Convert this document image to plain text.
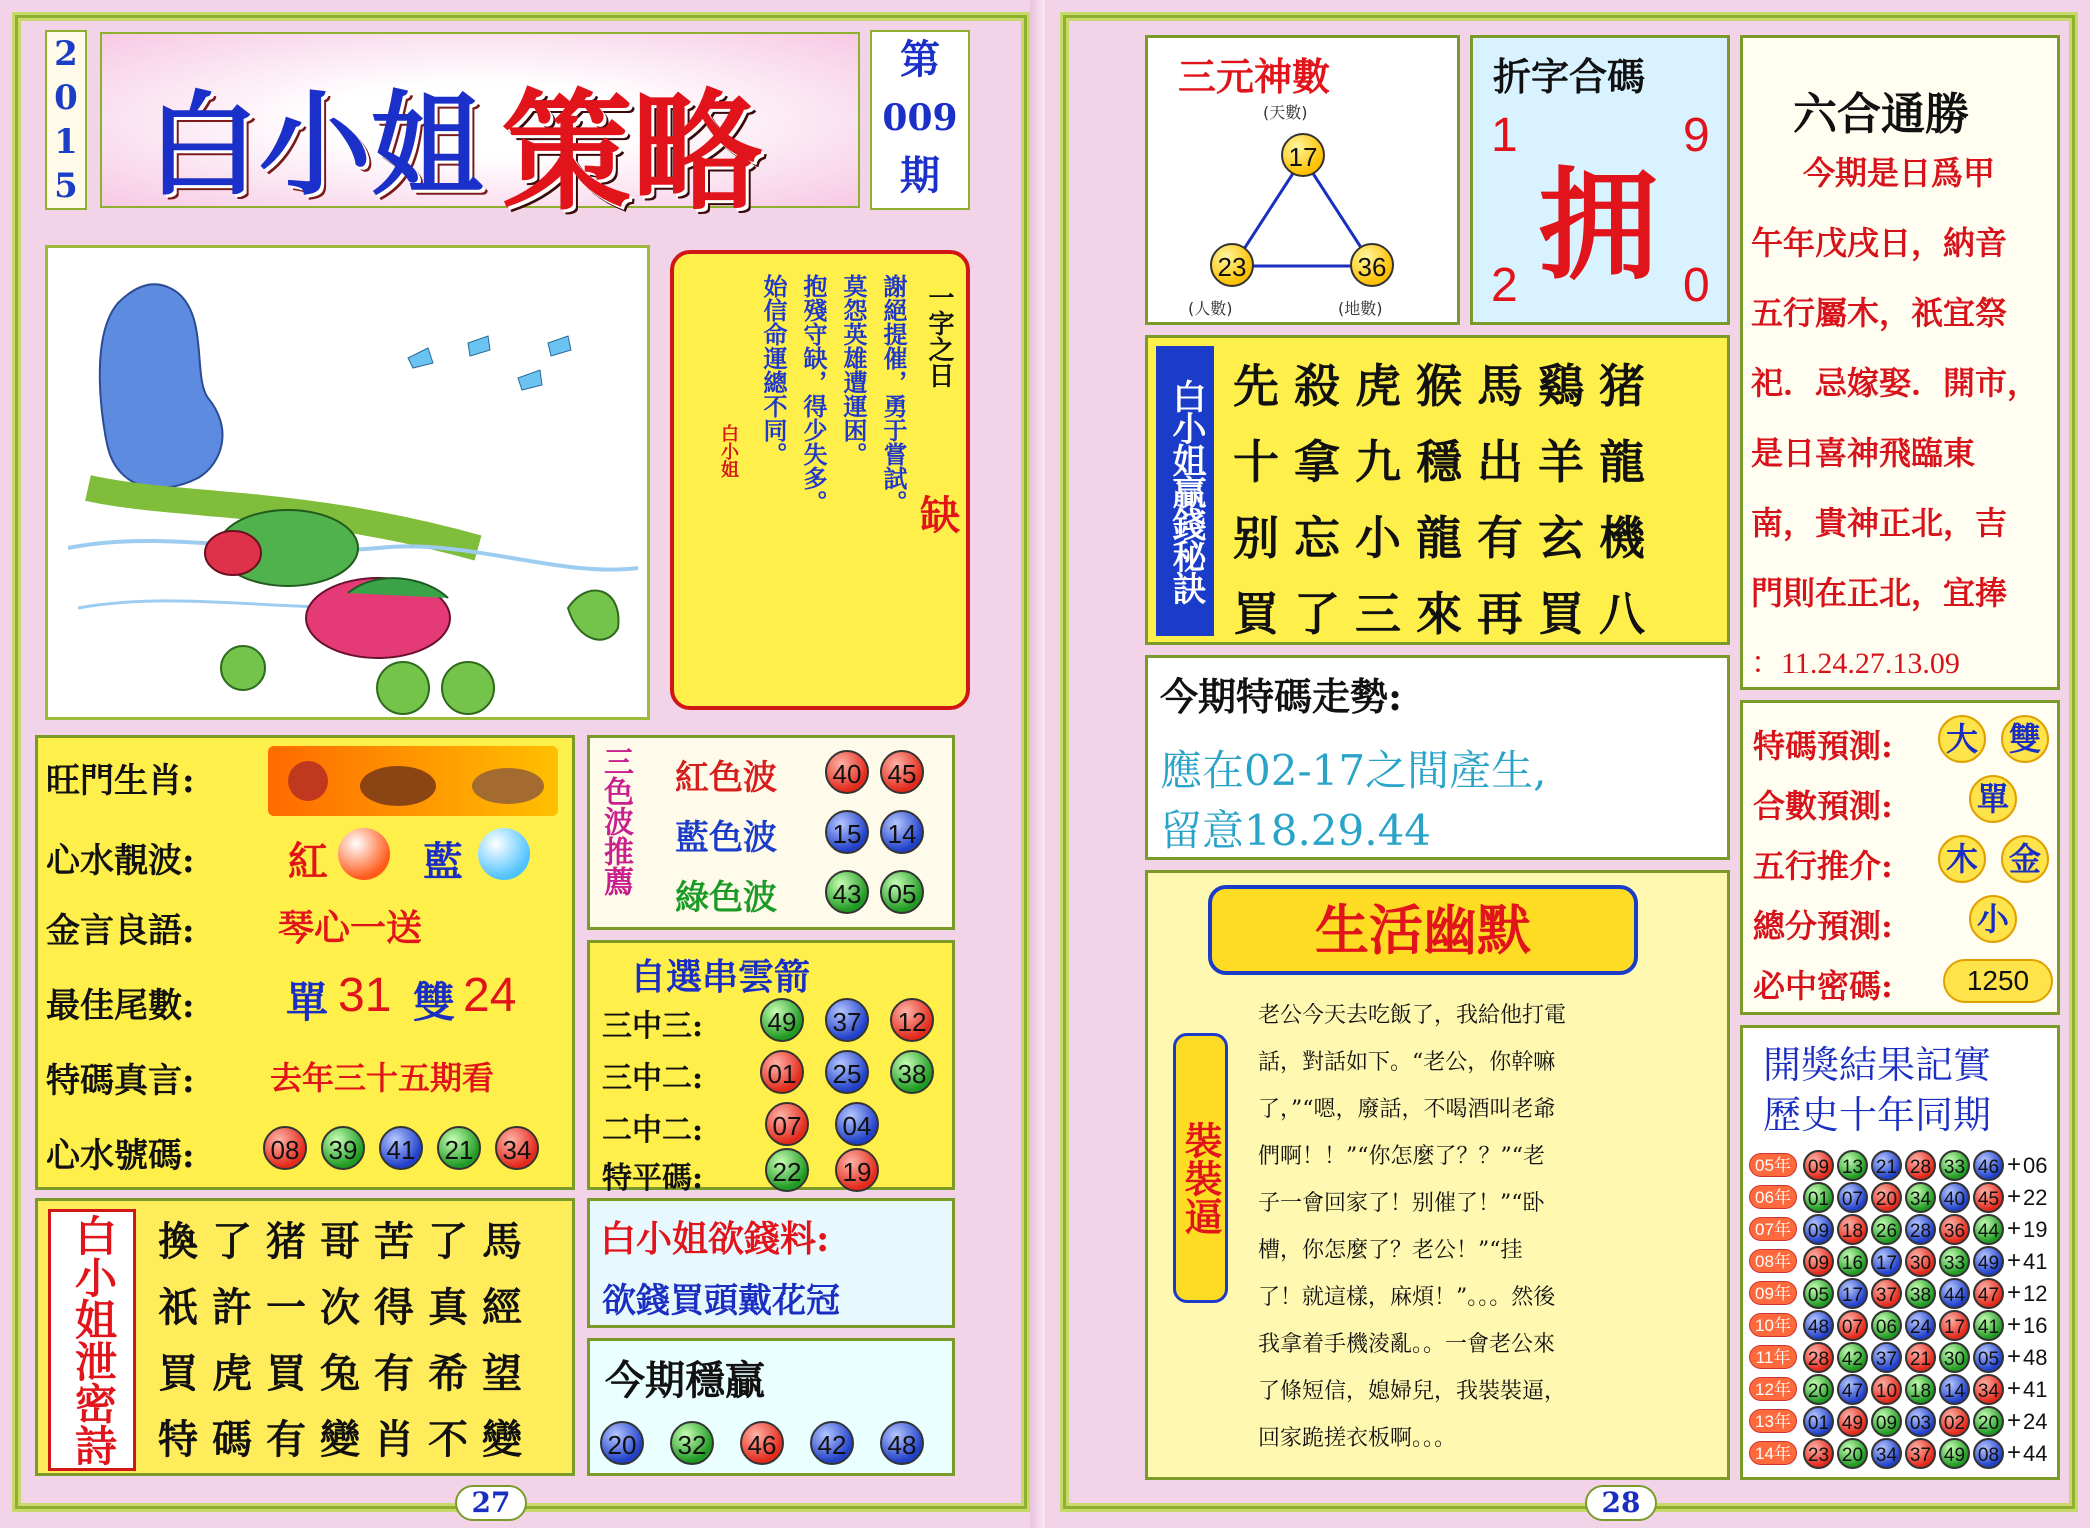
2
0
1
5 白小姐 策略
第
009
期
一字之日
缺
謝絕提催，勇于嘗試。
莫怨英雄遭運困。
抱殘守缺，得少失多。
始信命運總不同。
白小姐
旺門生肖:
心水靚波: 紅 藍
金言良語: 琴心一送
最佳尾數: 單 31 雙 24
特碼真言: 去年三十五期看
心水號碼:	08 39 41 21 34
三色波推薦 紅色波 40 45
藍色波 15 14
綠色波 43 05
自選串雲箭
三中三: 49 37 12
三中二: 01 25 38
二中二:	07 04
特平碼:	22 19
白小姐泄密詩	換了猪哥苦了馬
祇許一次得真經
買虎買兔有希望
特碼有變肖不變
白小姐欲錢料:
欲錢買頭戴花冠
今期穩贏
20 32 46 42 48
27
三元神數
(天數)
17
23	36
(人數)	(地數)
折字合碼
1	9
拥
2	0
六合通勝
今期是日爲甲
午年戊戌日，納音
五行屬木，祇宜祭
祀．忌嫁娶．開市，
是日喜神飛臨東
南，貴神正北，吉
門則在正北，宜捧
：11.24.27.13.09
白小姐贏錢秘訣 先殺虎猴馬鷄猪
十拿九穩出羊龍
别忘小龍有玄機
買了三來再買八
今期特碼走勢:
應在02-17之間產生,
留意18.29.44
生活幽默
裝裝逼
老公今天去吃飯了，我給他打電
話，對話如下。“老公，你幹嘛
了，”“嗯，廢話，不喝酒叫老爺
們啊！！”“你怎麼了？？”“老
子一會回家了！别催了！”“卧
槽，你怎麼了？老公！”“挂
了！就這樣，麻煩！”。。。然後
我拿着手機淩亂。。一會老公來
了條短信，媳婦兒，我裝裝逼，
回家跪搓衣板啊。。。
特碼預測: 大 雙
合數預測:	單
五行推介: 木 金
總分預測:	小
必中密碼:	1250
開獎結果記實
歷史十年同期
05年 09 13 21 28 33 46 + 06
06年 01 07 20 34 40 45 + 22
07年 09 18 26 28 36 44 + 19
08年 09 16 17 30 33 49 + 41
09年 05 17 37 38 44 47 + 12
10年 48 07 06 24 17 41 + 16
11年 28 42 37 21 30 05 + 48
12年 20 47 10 18 14 34 + 41
13年 01 49 09 03 02 20 + 24
14年 23 20 34 37 49 08 + 44
28
